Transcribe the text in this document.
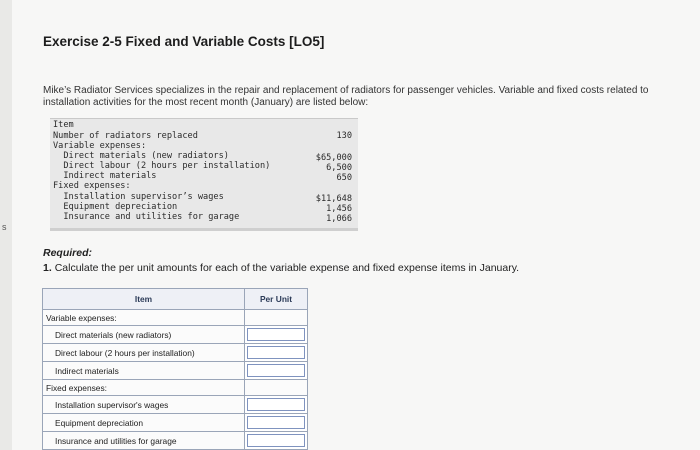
s
Exercise 2-5 Fixed and Variable Costs [LO5]
Mike’s Radiator Services specializes in the repair and replacement of radiators for passenger vehicles. Variable and fixed costs related to installation activities for the most recent month (January) are listed below:
Item
Number of radiators replaced	130
Variable expenses:
Direct materials (new radiators)	$65,000
Direct labour (2 hours per installation)	6,500
Indirect materials	650
Fixed expenses:
Installation supervisor’s wages	$11,648
Equipment depreciation	1,456
Insurance and utilities for garage	1,066
Required:
1. Calculate the per unit amounts for each of the variable expense and fixed expense items in January.
Item	Per Unit
Variable expenses:	
Direct materials (new radiators)	

Direct labour (2 hours per installation)	

Indirect materials	

Fixed expenses:	
Installation supervisor's wages	

Equipment depreciation	

Insurance and utilities for garage	
